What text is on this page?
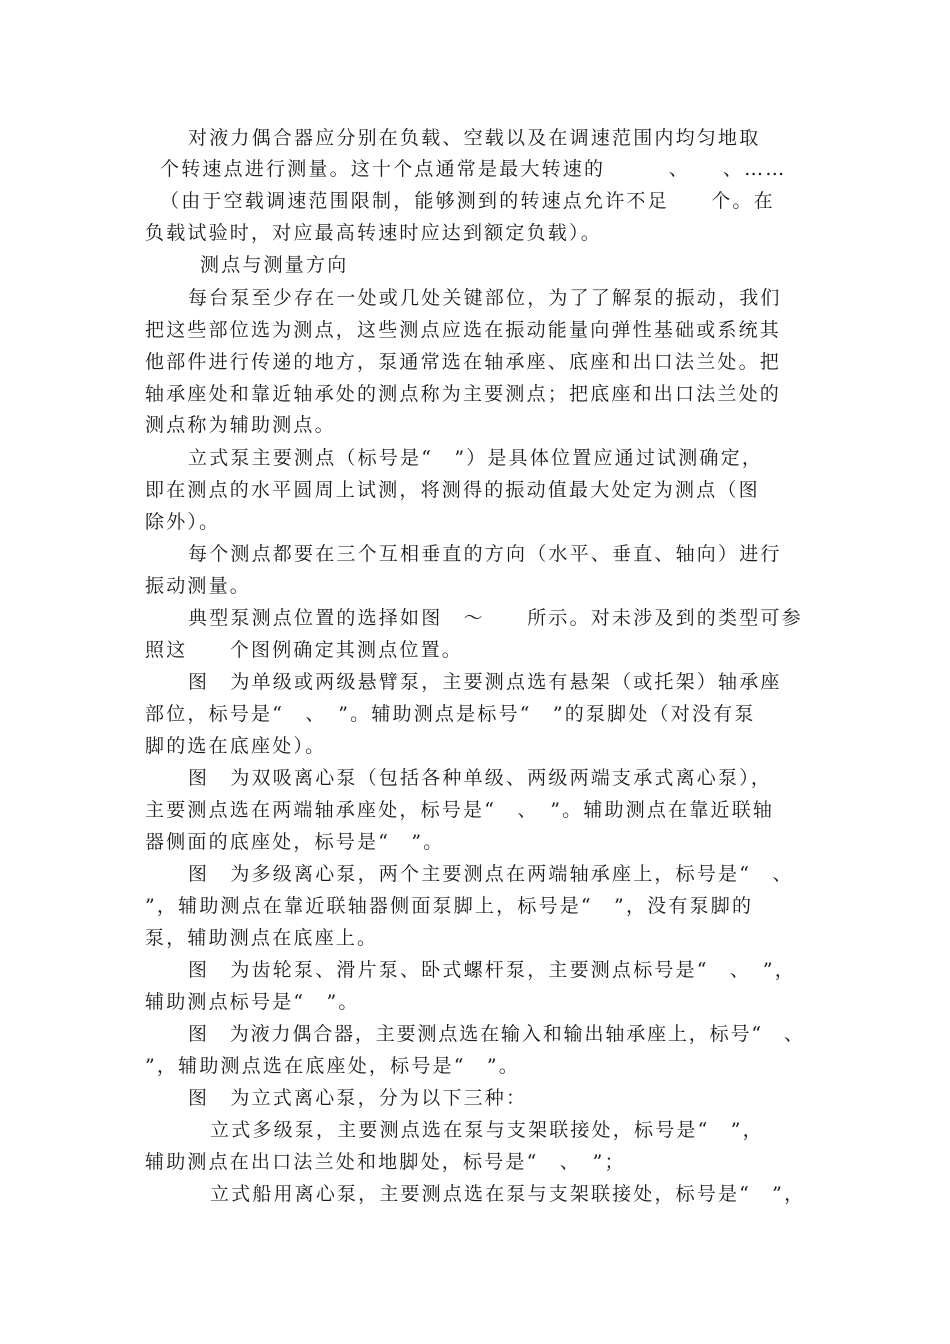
对液力偶合器应分别在负载、空载以及在调速范围内均匀地取
个转速点进行测量。这十个点通常是最大转速的　　　、　　、……
（由于空载调速范围限制，能够测到的转速点允许不足　　个。在
负载试验时，对应最高转速时应达到额定负载）。
测点与测量方向
每台泵至少存在一处或几处关键部位，为了了解泵的振动，我们
把这些部位选为测点，这些测点应选在振动能量向弹性基础或系统其
他部件进行传递的地方，泵通常选在轴承座、底座和出口法兰处。把
轴承座处和靠近轴承处的测点称为主要测点；把底座和出口法兰处的
测点称为辅助测点。
立式泵主要测点（标号是“　”）是具体位置应通过试测确定，
即在测点的水平圆周上试测，将测得的振动值最大处定为测点（图
除外）。
每个测点都要在三个互相垂直的方向（水平、垂直、轴向）进行
振动测量。
典型泵测点位置的选择如图　～　　所示。对未涉及到的类型可参
照这　　个图例确定其测点位置。
图　为单级或两级悬臂泵，主要测点选有悬架（或托架）轴承座
部位，标号是“　、　”。辅助测点是标号“　”的泵脚处（对没有泵
脚的选在底座处）。
图　为双吸离心泵（包括各种单级、两级两端支承式离心泵），
主要测点选在两端轴承座处，标号是“　、　”。辅助测点在靠近联轴
器侧面的底座处，标号是“　”。
图　为多级离心泵，两个主要测点在两端轴承座上，标号是“　、
”，辅助测点在靠近联轴器侧面泵脚上，标号是“　”，没有泵脚的
泵，辅助测点在底座上。
图　为齿轮泵、滑片泵、卧式螺杆泵，主要测点标号是“　、　”，
辅助测点标号是“　”。
图　为液力偶合器，主要测点选在输入和输出轴承座上，标号“　、
”，辅助测点选在底座处，标号是“　”。
图　为立式离心泵，分为以下三种：
立式多级泵，主要测点选在泵与支架联接处，标号是“　”，
辅助测点在出口法兰处和地脚处，标号是“　、　”；
立式船用离心泵，主要测点选在泵与支架联接处，标号是“　”，
